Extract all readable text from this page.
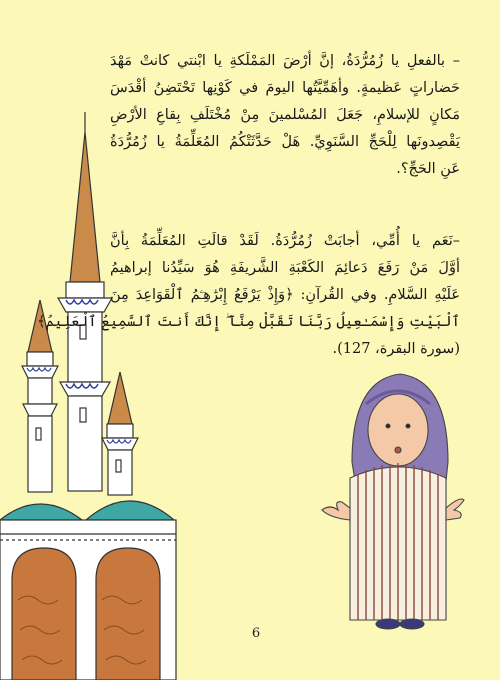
– بالفعلِ يا زُمُرُّدَةُ، إنَّ أرْضَ المَمْلَكةِ يا ابْنتي كانتْ مَهْدَ
حَضاراتٍ عَظيمةٍ. وأهَمِّيَّتُها اليومَ في كَوْنِها تَحْتَضِنُ أقْدَسَ
مَكانٍ للإسلامِ، جَعَلَ المُسْلمينَ مِنْ مُخْتَلَفِ بِقاعِ الأرْضِ
يَقْصِدونَها لِلْحَجِّ السَّنَوِيِّ. هَلْ حَدَّثَتْكُمُ المُعَلِّمَةُ يا زُمُرُّدَةُ
عَنِ الحَجِّ؟.
–نَعَم يا أُمِّي، أجابَتْ زُمُرُّدَةُ. لَقَدْ قالَتِ المُعَلِّمَةُ بِأنَّ
أوَّلَ مَنْ رَفَعَ دَعائِمَ الكَعْبَةِ الشَّريفَةِ هُوَ سَيِّدُنا إبراهيمُ
عَلَيْهِ السَّلامِ. وفي القُرآنِ: ﴿وَإِذْ يَرْفَعُ إِبْرَٰهِـۧمُ ٱلْقَوَاعِدَ مِنَ
ٱلْبَيْتِ وَإِسْمَـٰعِيلُ رَبَّنَا تَقَبَّلْ مِنَّآ ۖ إِنَّكَ أَنتَ ٱلسَّمِيعُ ٱلْعَلِيمُ﴾
(سورة البقرة، 127).
6
